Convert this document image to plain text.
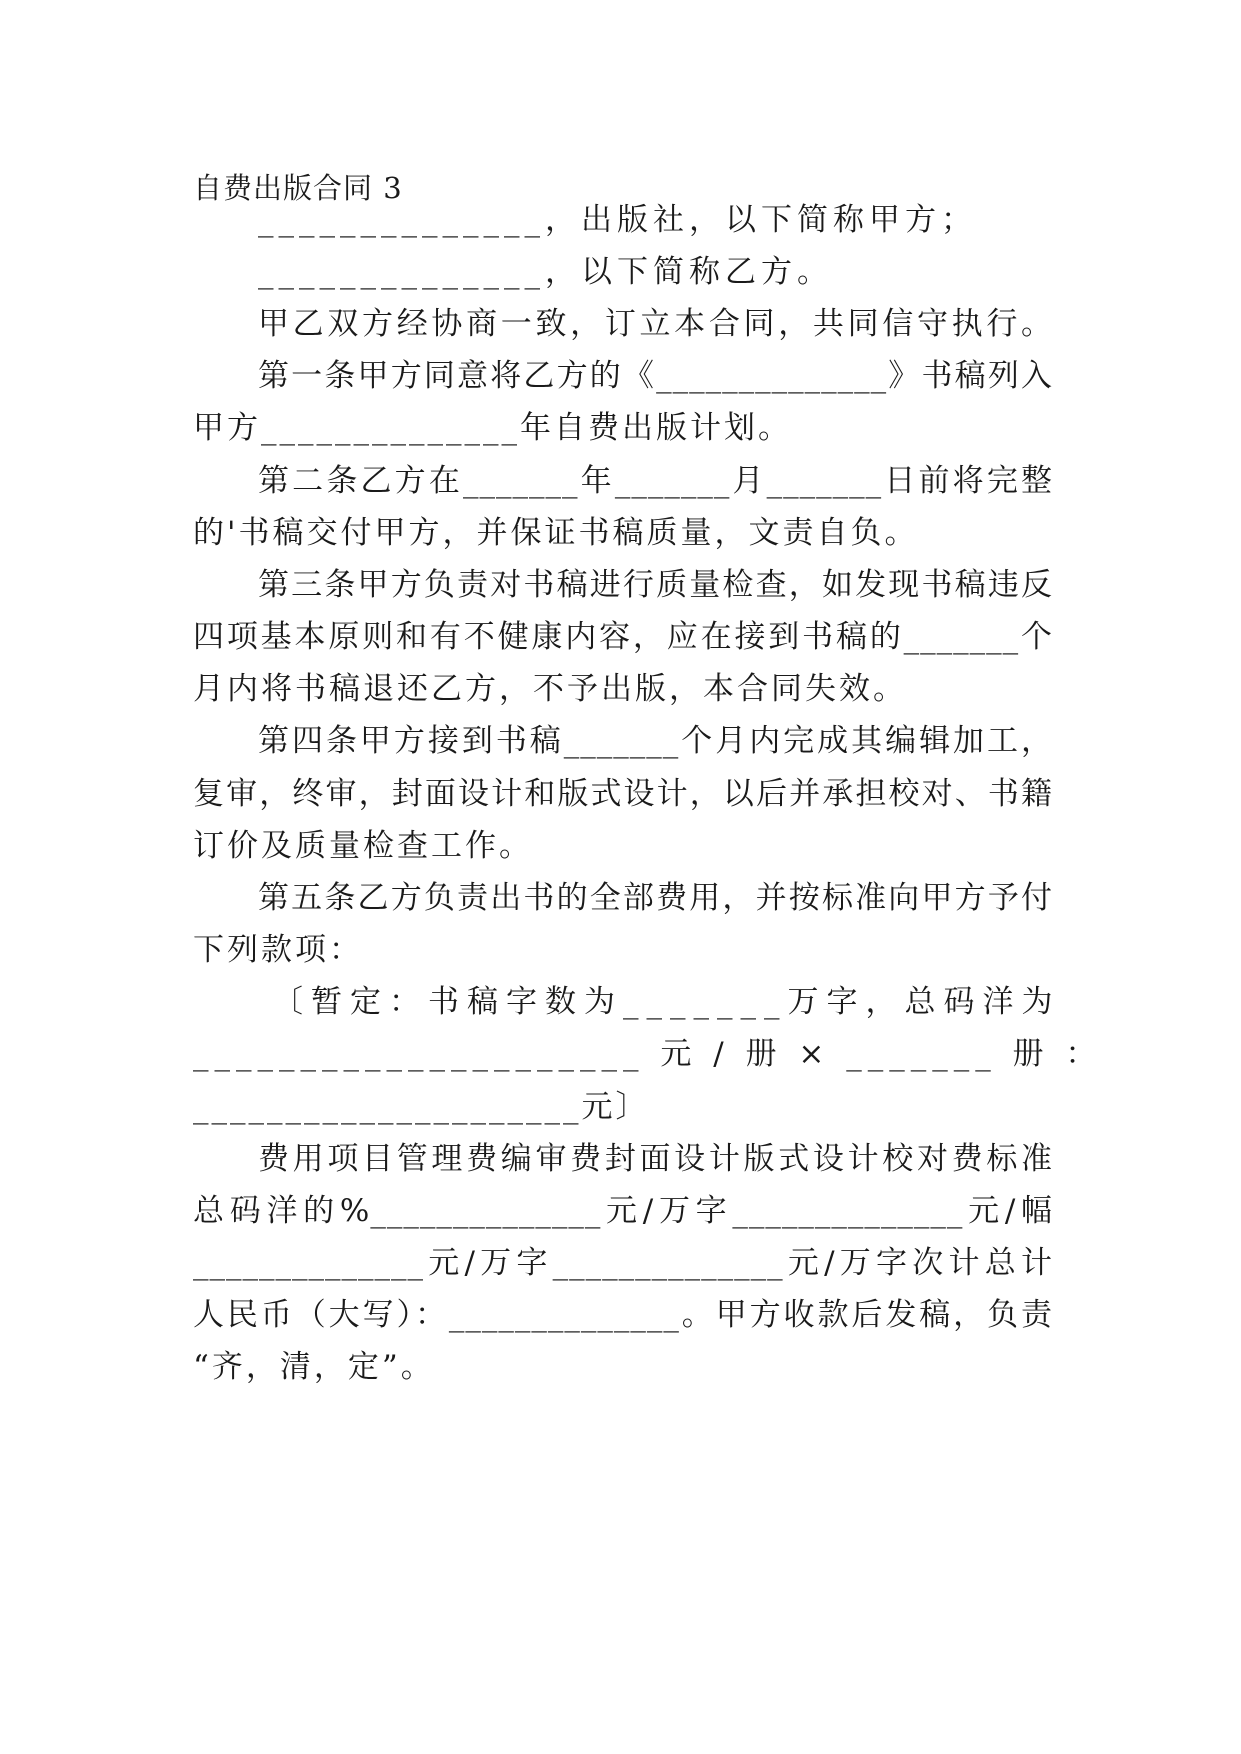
自费出版合同 3
______________，出版社，以下简称甲方；
______________，以下简称乙方。
甲乙双方经协商一致，订立本合同，共同信守执行。
第一条甲方同意将乙方的《______________》书稿列入
甲方______________年自费出版计划。
第二条乙方在_______年_______月_______日前将完整
的'书稿交付甲方，并保证书稿质量，文责自负。
第三条甲方负责对书稿进行质量检查，如发现书稿违反
四项基本原则和有不健康内容，应在接到书稿的_______个
月内将书稿退还乙方，不予出版，本合同失效。
第四条甲方接到书稿_______个月内完成其编辑加工，
复审，终审，封面设计和版式设计，以后并承担校对、书籍
订价及质量检查工作。
第五条乙方负责出书的全部费用，并按标准向甲方予付
下列款项：
〔暂定：书稿字数为_______万字，总码洋为
_____________________ 元 / 册 × _______ 册 ：
_____________________元〕
费用项目管理费编审费封面设计版式设计校对费标准
总码洋的%______________元/万字______________元/幅
______________元/万字______________元/万字次计总计
人民币（大写）：______________。甲方收款后发稿，负责
“齐，清，定”。
